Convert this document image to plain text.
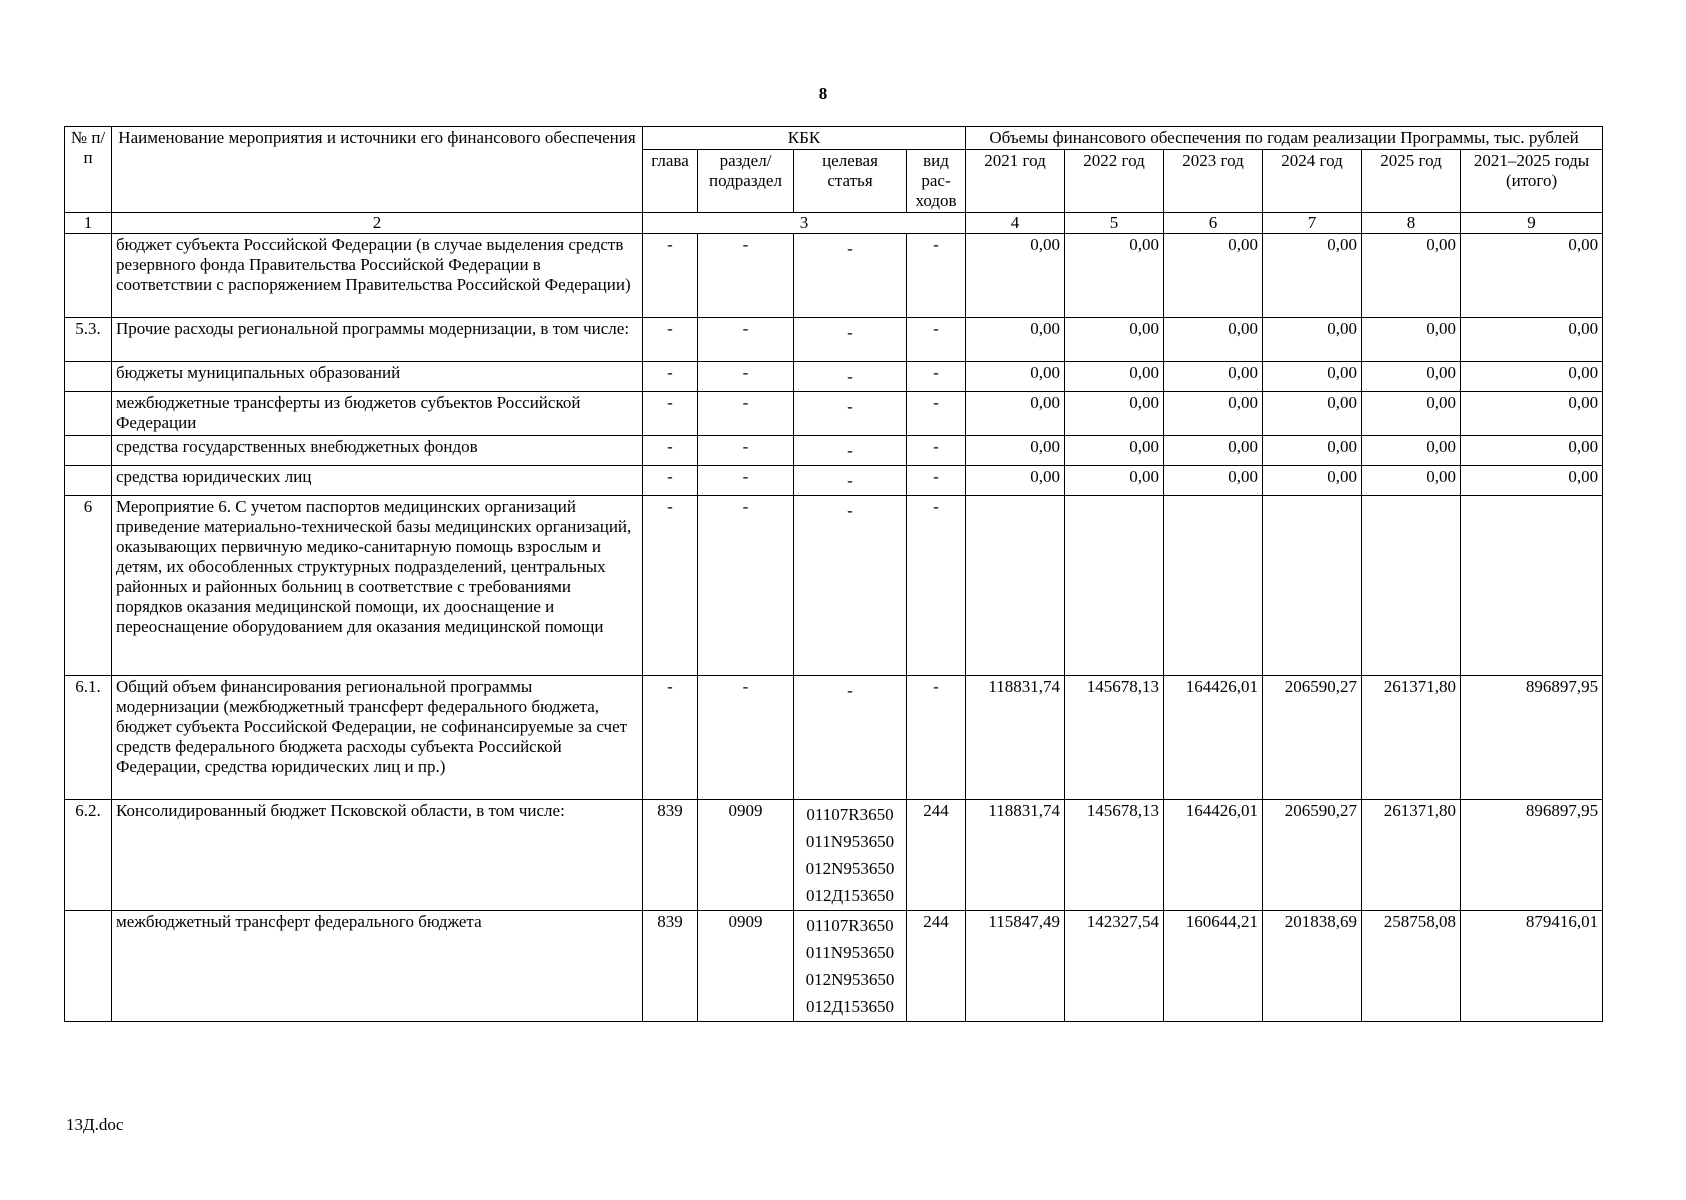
8
№ п/п	Наименование мероприятия и источники его финансового обеспечения	КБК				Объемы финансового обеспечения по годам реализации Программы, тыс. рублей					
		глава	раздел/ подраздел	целевая статья	вид рас-ходов	2021 год	2022 год	2023 год	2024 год	2025 год	2021–2025 годы (итого)
1	2	3				4	5	6	7	8	9
	бюджет субъекта Российской Федерации (в случае выделения средств резервного фонда Правительства Российской Федерации в соответствии с распоряжением Правительства Российской Федерации)	-	-	-	-	0,00	0,00	0,00	0,00	0,00	0,00
5.3.	Прочие расходы региональной программы модернизации, в том числе:	-	-	-	-	0,00	0,00	0,00	0,00	0,00	0,00
	бюджеты муниципальных образований	-	-	-	-	0,00	0,00	0,00	0,00	0,00	0,00
	межбюджетные трансферты из бюджетов субъектов Российской Федерации	-	-	-	-	0,00	0,00	0,00	0,00	0,00	0,00
	средства государственных внебюджетных фондов	-	-	-	-	0,00	0,00	0,00	0,00	0,00	0,00
	средства юридических лиц	-	-	-	-	0,00	0,00	0,00	0,00	0,00	0,00
6	Мероприятие 6. С учетом паспортов медицинских организаций приведение материально-технической базы медицинских организаций, оказывающих первичную медико-санитарную помощь взрослым и детям, их обособленных структурных подразделений, центральных районных и районных больниц в соответствие с требованиями порядков оказания медицинской помощи, их дооснащение и переоснащение оборудованием для оказания медицинской помощи	-	-	-	-						
6.1.	Общий объем финансирования региональной программы модернизации (межбюджетный трансферт федерального бюджета, бюджет субъекта Российской Федерации, не софинансируемые за счет средств федерального бюджета расходы субъекта Российской Федерации, средства юридических лиц и пр.)	-	-	-	-	118831,74	145678,13	164426,01	206590,27	261371,80	896897,95
6.2.	Консолидированный бюджет Псковской области, в том числе:	839	0909	01107R3650
011N953650
012N953650
012Д153650	244	118831,74	145678,13	164426,01	206590,27	261371,80	896897,95
	межбюджетный трансферт федерального бюджета	839	0909	01107R3650
011N953650
012N953650
012Д153650	244	115847,49	142327,54	160644,21	201838,69	258758,08	879416,01
13Д.doc
